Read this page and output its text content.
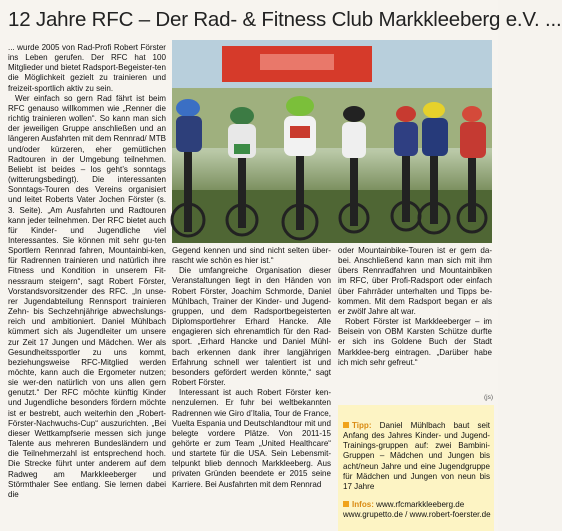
12 Jahre RFC – Der Rad- & Fitness Club Markkleeberg e.V. ...

... wurde 2005 von Rad-Profi Robert Förster ins Leben gerufen. Der RFC hat 100 Mitglieder und bietet Radsport-Begeister-ten die Möglichkeit gezielt zu trainieren und freizeit-sportlich aktiv zu sein.

Wer einfach so gern Rad fährt ist beim RFC genauso willkommen wie „Renner die richtig trainieren wollen“. So kann man sich der jeweiligen Gruppe anschließen und an längeren Ausfahrten mit dem Rennrad/ MTB und/oder kürzeren, eher gemütlichen Radtouren in der Umgebung teilnehmen. Beliebt ist beides – los geht’s sonntags (witterungsbedingt). Die interessanten Sonntags-Touren des Vereins organisiert und leitet Roberts Vater Jochen Förster (s. 3. Seite). „Am Ausfahrten und Radtouren kann jeder teilnehmen. Der RFC bietet auch für Kinder- und Jugendliche viel Interessantes. Sie können mit sehr gu-ten Sportlern Rennrad fahren, Mountainbi-ken, für Radrennen trainieren und natürlich ihre Fitness und Kondition in unserem Fit-nessraum steigern“, sagt Robert Förster, Vorstandsvorsitzender des RFC. „In unse-rer Jugendabteilung Rennsport trainieren Zehn- bis Sechzehnjährige abwechslungs-reich und ambitioniert. Daniel Mühlbach kümmert sich als Jugendleiter um unsere zur Zeit 17 Jungen und Mädchen. Wer als Gesundheitssportler zu uns kommt, beziehungsweise RFC-Mitglied werden möchte, kann auch die Ergometer nutzen; sie wer-den natürlich von uns allen gern genutzt.“ Der RFC möchte künftig Kinder und Jugendliche besonders fördern möchte ist er bestrebt, auch weiterhin den „Robert-Förster-Nachwuchs-Cup“ auszurichten. „Bei dieser Wettkampfserie messen sich junge Talente aus mehreren Bundesländern und die Teilnehmerzahl ist entsprechend hoch. Die Strecke führt unter anderem auf dem Radweg am Markkleeberger und Störmthaler See entlang. Sie lernen dabei die

Gegend kennen und sind nicht selten über-rascht wie schön es hier ist.“

Die umfangreiche Organisation dieser Veranstaltungen liegt in den Händen von Robert Förster, Joachim Schmorde, Daniel Mühlbach, Trainer der Kinder- und Jugend-gruppen, und dem Radsportbegeisterten Diplomsportlehrer Erhard Hancke. Alle engagieren sich ehrenamtlich für den Rad-sport. „Erhard Hancke und Daniel Mühl-bach erkennen dank ihrer langjährigen Erfahrung schnell wer talentiert ist und besonders gefördert werden könnte,“ sagt Robert Förster.

Interessant ist auch Robert Förster ken-nenzulernen. Er fuhr bei weltbekannten Radrennen wie Giro d’Italia, Tour de France, Vuelta Espania und Deutschlandtour mit und belegte vordere Plätze. Von 2011-15 gehörte er zum Team „United Healthcare“ und startete für die USA. Sein Lebensmit-telpunkt blieb dennoch Markkleeberg. Aus privaten Gründen beendete er 2015 seine Karriere. Bei Ausfahrten mit dem Rennrad

oder Mountainbike-Touren ist er gern da-bei. Anschließend kann man sich mit ihm übers Rennradfahren und Mountainbiken im RFC, über Profi-Radsport oder einfach über Fahrräder unterhalten und Tipps be-kommen. Mit dem Radsport began er als er zwölf Jahre alt war.

Robert Förster ist Markkleeberger – im Beisein von OBM Karsten Schütze durfte er sich ins Goldene Buch der Stadt Markklee-berg eintragen. „Darüber habe ich mich sehr gefreut.“

(js)
Tipp: Daniel Mühlbach baut seit Anfang des Jahres Kinder- und Jugend-Trainings-gruppen auf: zwei Bambini-Gruppen – Mädchen und Jungen bis acht/neun Jahre und eine Jugendgruppe für Mädchen und Jungen von neun bis 17 Jahre
Infos: www.rfcmarkkleeberg.de
www.grupetto.de / www.robert-foerster.de
